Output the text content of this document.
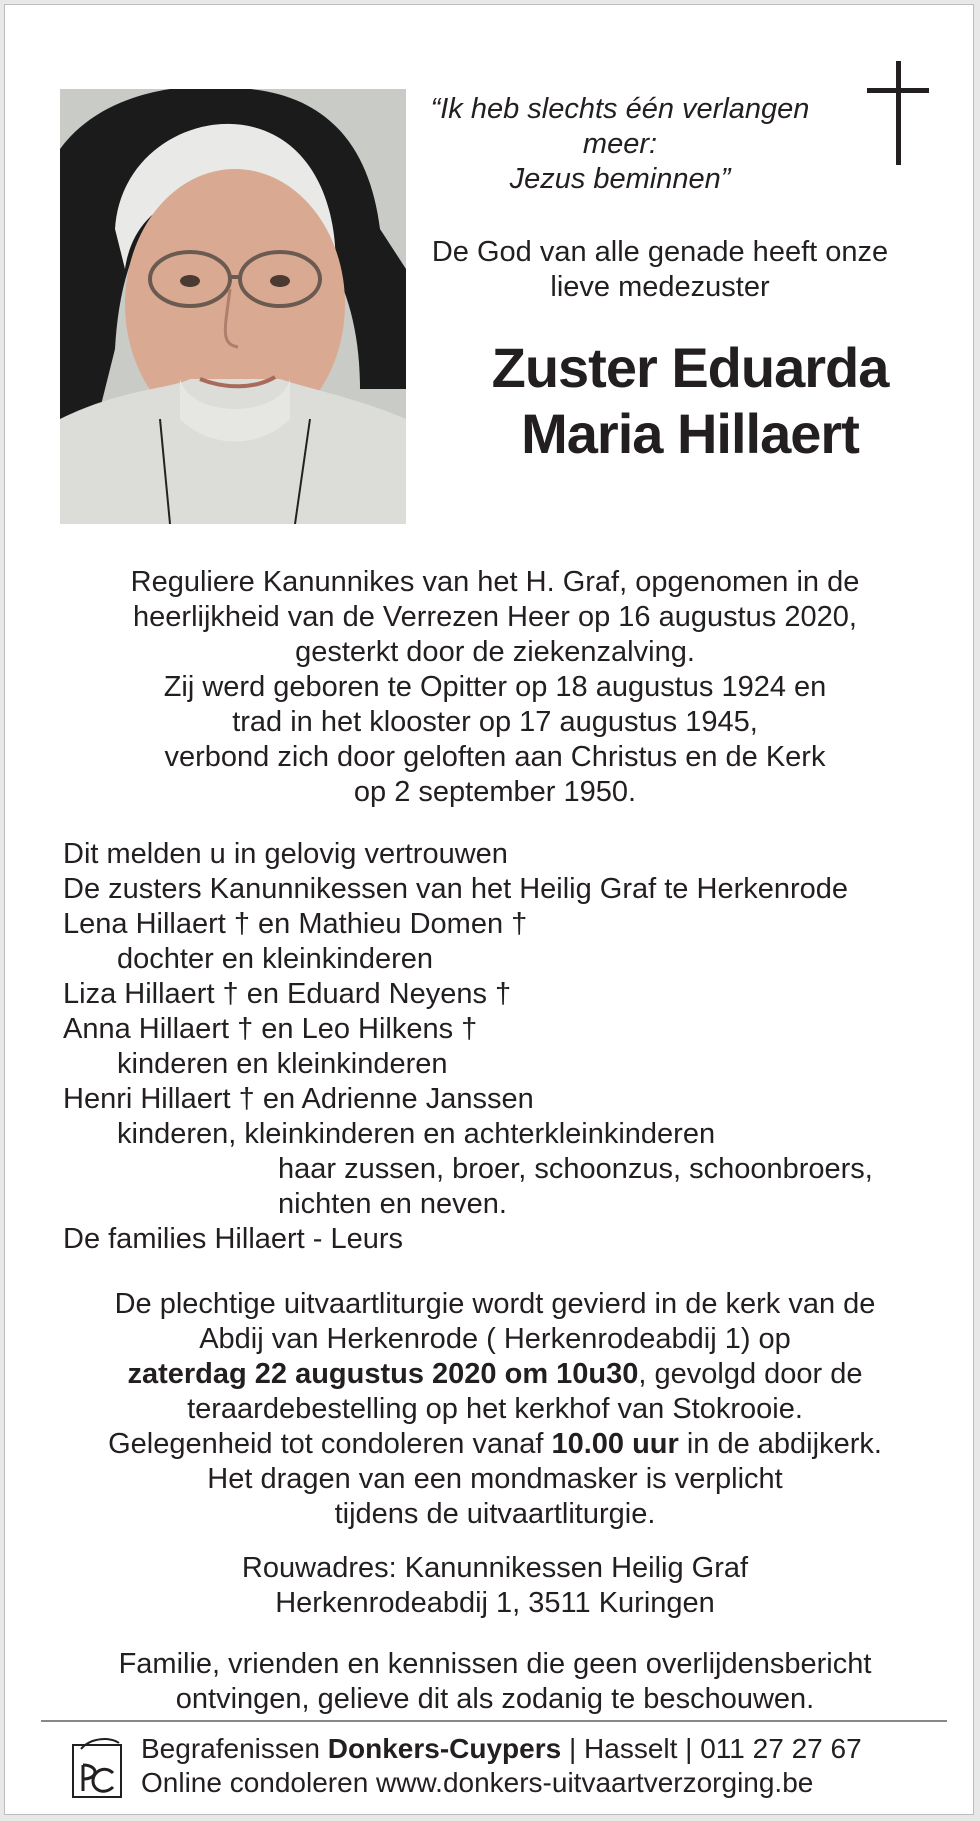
“Ik heb slechts één verlangen
meer:
Jezus beminnen”
De God van alle genade heeft onze
lieve medezuster
Zuster Eduarda
Maria Hillaert
Reguliere Kanunnikes van het H. Graf, opgenomen in de
heerlijkheid van de Verrezen Heer op 16 augustus 2020,
gesterkt door de ziekenzalving.
Zij werd geboren te Opitter op 18 augustus 1924 en
trad in het klooster op 17 augustus 1945,
verbond zich door geloften aan Christus en de Kerk
op 2 september 1950.
Dit melden u in gelovig vertrouwen
De zusters Kanunnikessen van het Heilig Graf te Herkenrode
Lena Hillaert † en Mathieu Domen †
dochter en kleinkinderen
Liza Hillaert † en Eduard Neyens †
Anna Hillaert † en Leo Hilkens †
kinderen en kleinkinderen
Henri Hillaert † en Adrienne Janssen
kinderen, kleinkinderen en achterkleinkinderen
haar zussen, broer, schoonzus, schoonbroers,
nichten en neven.
De families Hillaert - Leurs
De plechtige uitvaartliturgie wordt gevierd in de kerk van de
Abdij van Herkenrode ( Herkenrodeabdij 1) op
zaterdag 22 augustus 2020 om 10u30, gevolgd door de
teraardebestelling op het kerkhof van Stokrooie.
Gelegenheid tot condoleren vanaf 10.00 uur in de abdijkerk.
Het dragen van een mondmasker is verplicht
tijdens de uitvaartliturgie.
Rouwadres: Kanunnikessen Heilig Graf
Herkenrodeabdij 1, 3511 Kuringen
Familie, vrienden en kennissen die geen overlijdensbericht
ontvingen, gelieve dit als zodanig te beschouwen.
Begrafenissen Donkers-Cuypers | Hasselt | 011 27 27 67
Online condoleren www.donkers-uitvaartverzorging.be
